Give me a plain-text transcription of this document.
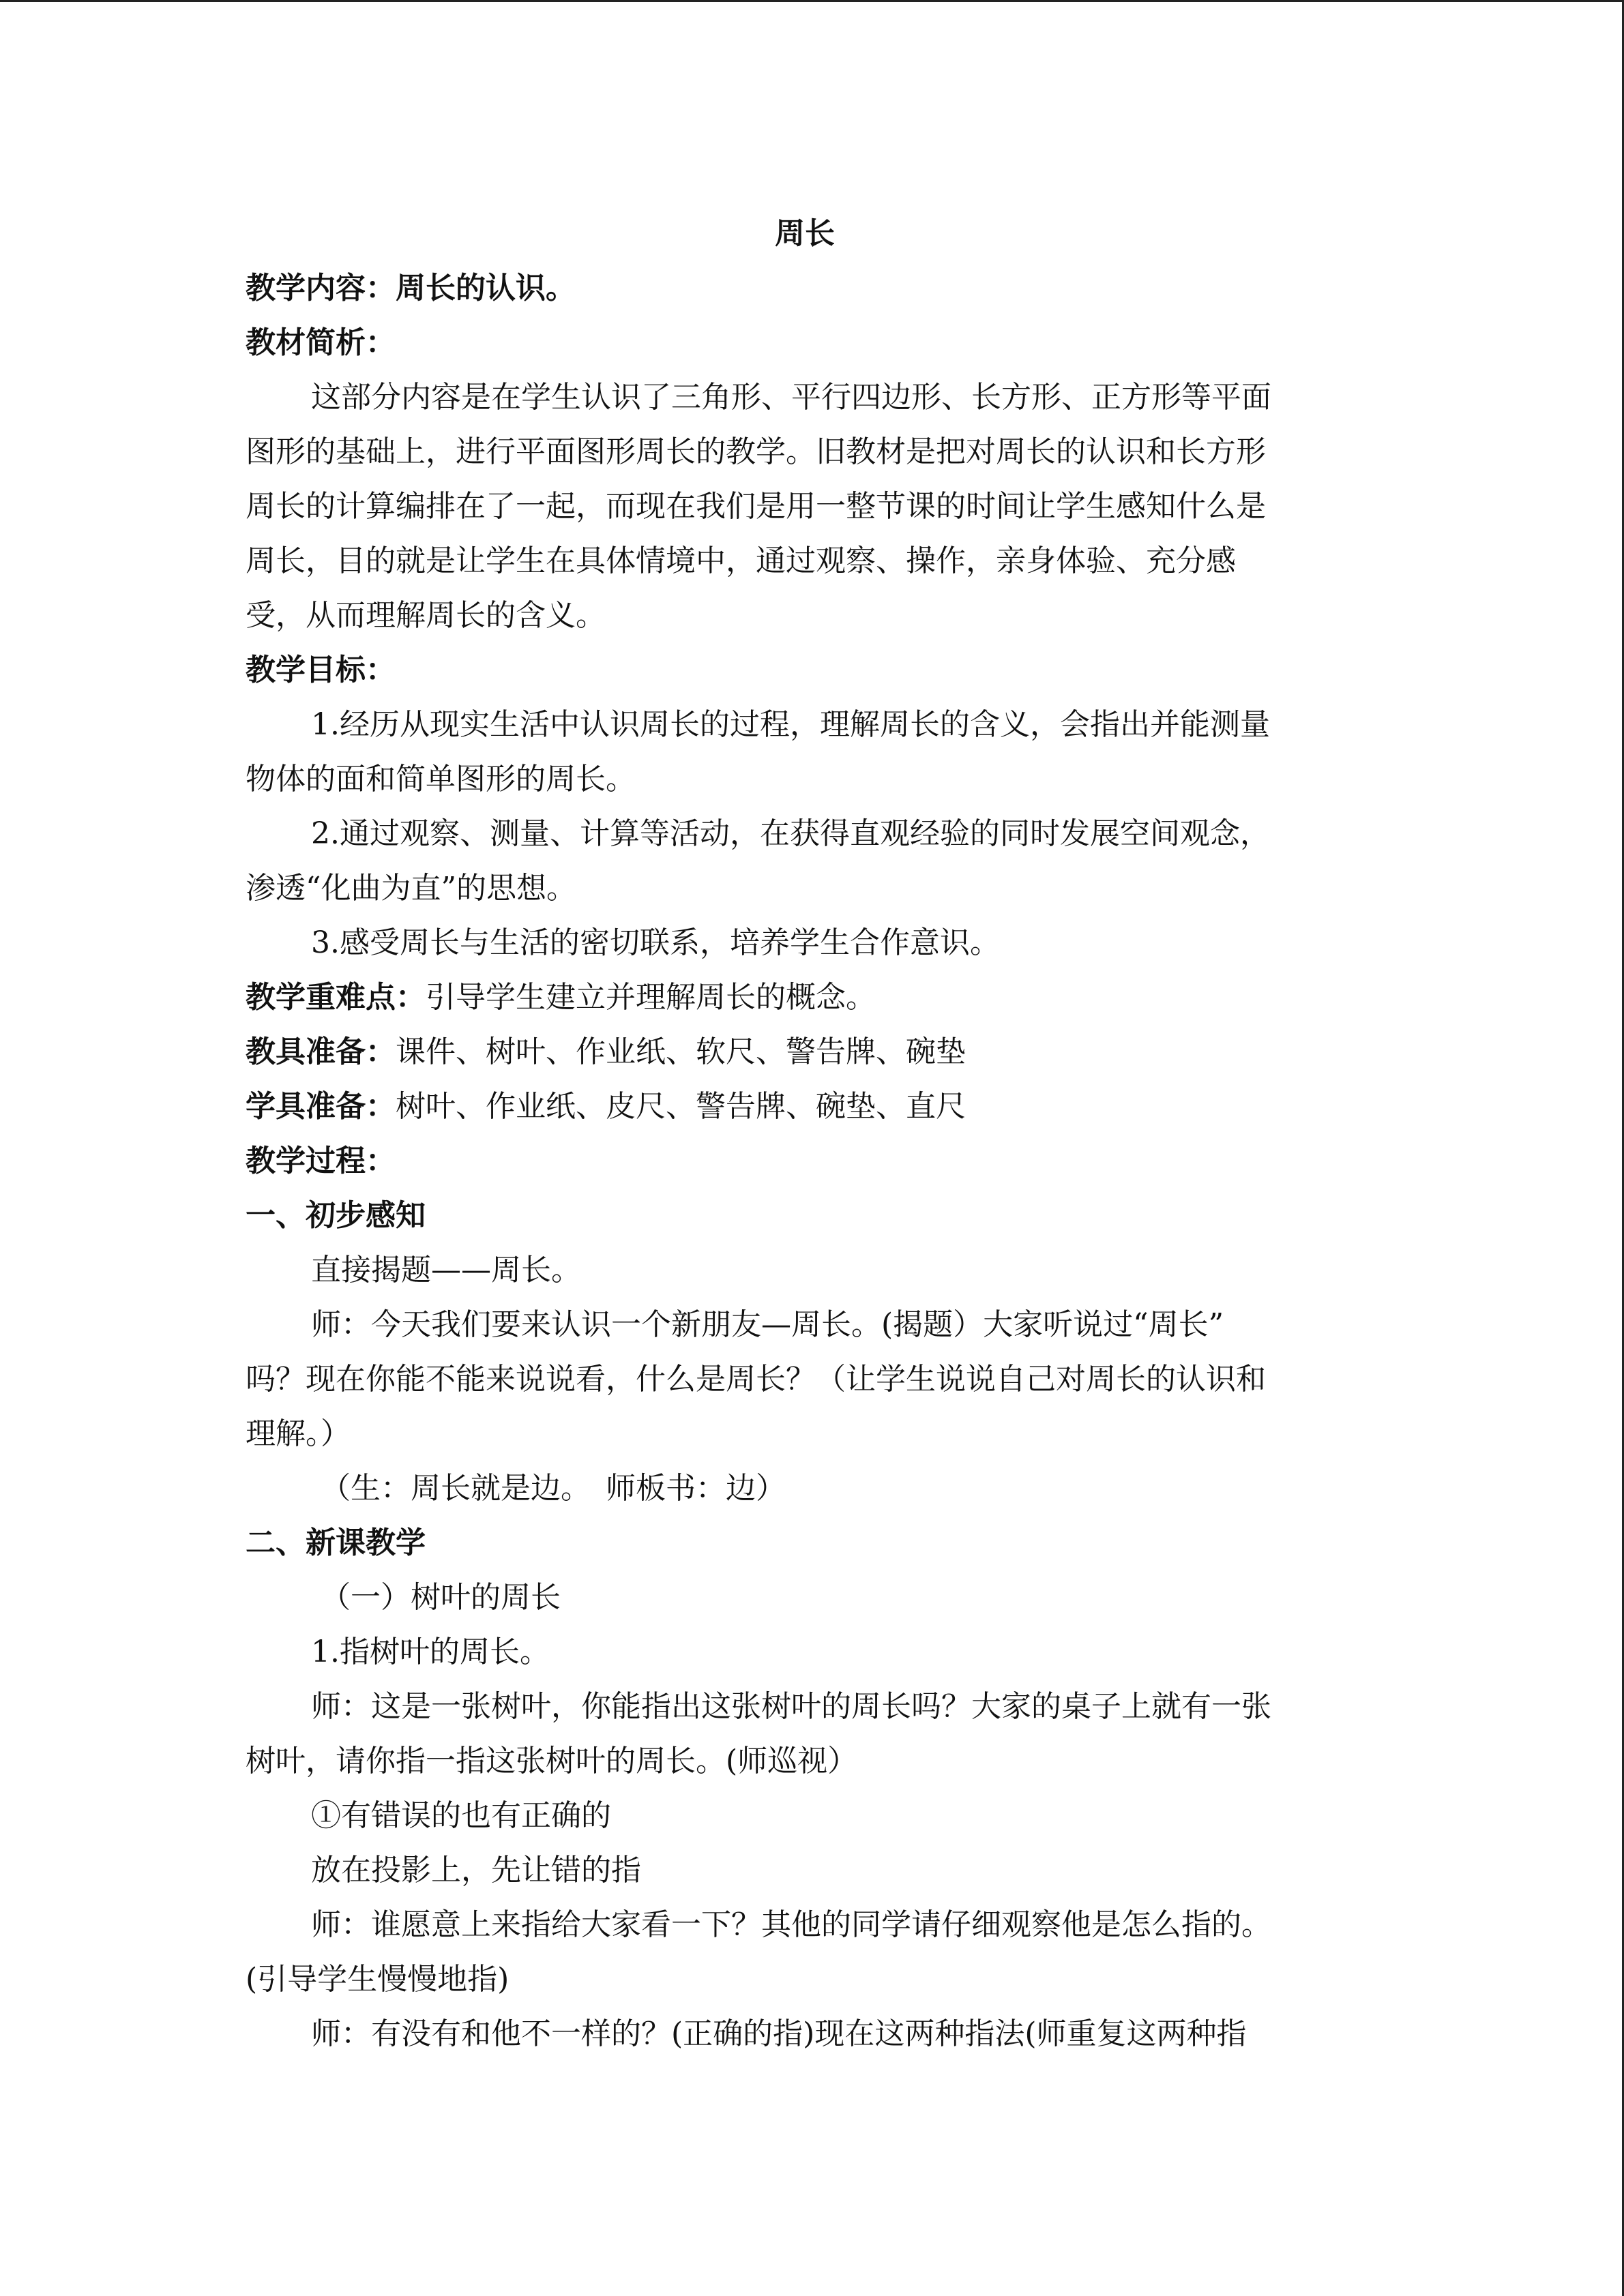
周长
教学内容：周长的认识。
教材简析：
这部分内容是在学生认识了三角形、平行四边形、长方形、正方形等平面
图形的基础上，进行平面图形周长的教学。旧教材是把对周长的认识和长方形
周长的计算编排在了一起，而现在我们是用一整节课的时间让学生感知什么是
周长，目的就是让学生在具体情境中，通过观察、操作，亲身体验、充分感
受，从而理解周长的含义。
教学目标：
1.经历从现实生活中认识周长的过程，理解周长的含义，会指出并能测量
物体的面和简单图形的周长。
2.通过观察、测量、计算等活动，在获得直观经验的同时发展空间观念，
渗透“化曲为直”的思想。
3.感受周长与生活的密切联系，培养学生合作意识。
教学重难点：引导学生建立并理解周长的概念。
教具准备：课件、树叶、作业纸、软尺、警告牌、碗垫
学具准备：树叶、作业纸、皮尺、警告牌、碗垫、直尺
教学过程：
一、初步感知
直接揭题——周长。
师：今天我们要来认识一个新朋友—周长。(揭题）大家听说过“周长”
吗？现在你能不能来说说看，什么是周长？（让学生说说自己对周长的认识和
理解。）
（生：周长就是边。　师板书：边）
二、新课教学
（一）树叶的周长
1.指树叶的周长。
师：这是一张树叶，你能指出这张树叶的周长吗？大家的桌子上就有一张
树叶，请你指一指这张树叶的周长。(师巡视）
①有错误的也有正确的
放在投影上，先让错的指
师：谁愿意上来指给大家看一下？其他的同学请仔细观察他是怎么指的。
(引导学生慢慢地指)
师：有没有和他不一样的？(正确的指)现在这两种指法(师重复这两种指
